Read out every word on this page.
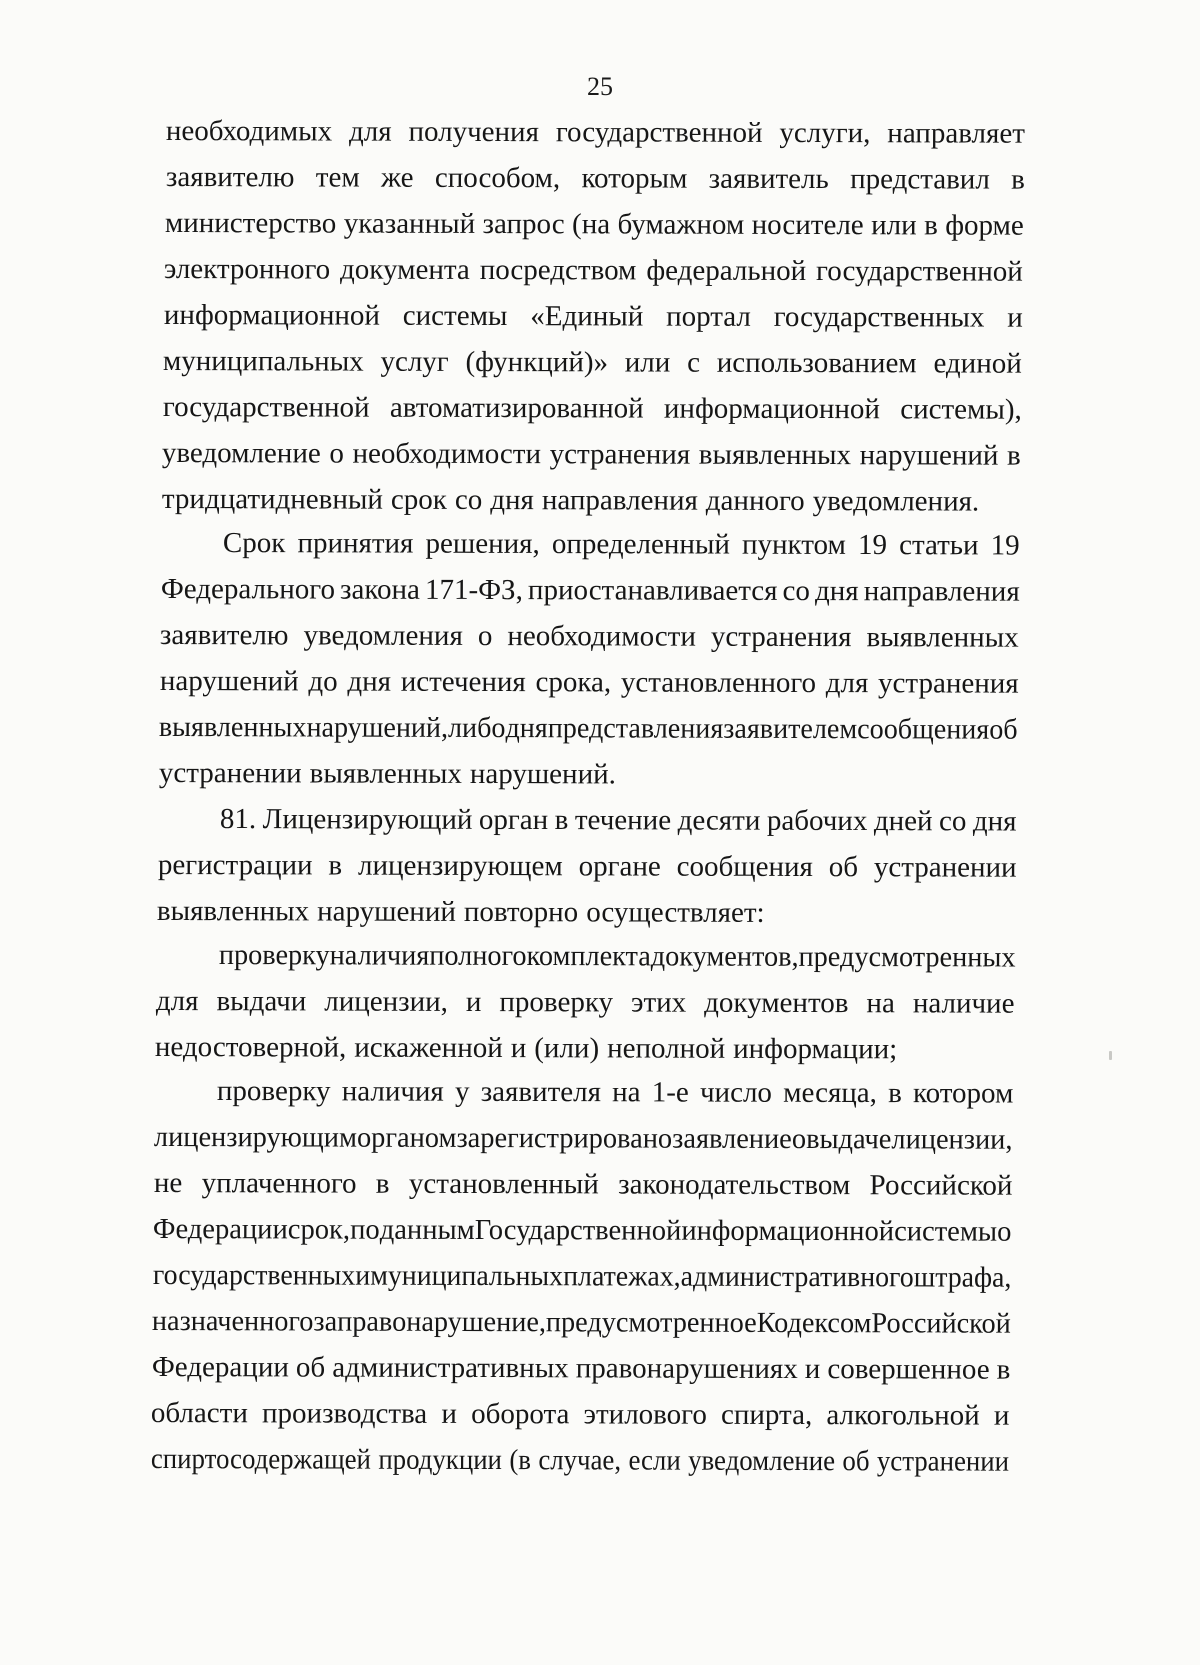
25
необходимых для получения государственной услуги, направляет
заявителю тем же способом, которым заявитель представил в
министерство указанный запрос (на бумажном носителе или в форме
электронного документа посредством федеральной государственной
информационной системы «Единый портал государственных и
муниципальных услуг (функций)» или с использованием единой
государственной автоматизированной информационной системы),
уведомление о необходимости устранения выявленных нарушений в
тридцатидневный срок со дня направления данного уведомления.
Срок принятия решения, определенный пунктом 19 статьи 19
Федерального закона 171-ФЗ, приостанавливается со дня направления
заявителю уведомления о необходимости устранения выявленных
нарушений до дня истечения срока, установленного для устранения
выявленных нарушений, либо дня представления заявителем сообщения об
устранении выявленных нарушений.
81. Лицензирующий орган в течение десяти рабочих дней со дня
регистрации в лицензирующем органе сообщения об устранении
выявленных нарушений повторно осуществляет:
проверку наличия полного комплекта документов, предусмотренных
для выдачи лицензии, и проверку этих документов на наличие
недостоверной, искаженной и (или) неполной информации;
проверку наличия у заявителя на 1-е число месяца, в котором
лицензирующим органом зарегистрировано заявление о выдаче лицензии,
не уплаченного в установленный законодательством Российской
Федерации срок, по данным Государственной информационной системы о
государственных и муниципальных платежах, административного штрафа,
назначенного за правонарушение, предусмотренное Кодексом Российской
Федерации об административных правонарушениях и совершенное в
области производства и оборота этилового спирта, алкогольной и
спиртосодержащей продукции (в случае, если уведомление об устранении
